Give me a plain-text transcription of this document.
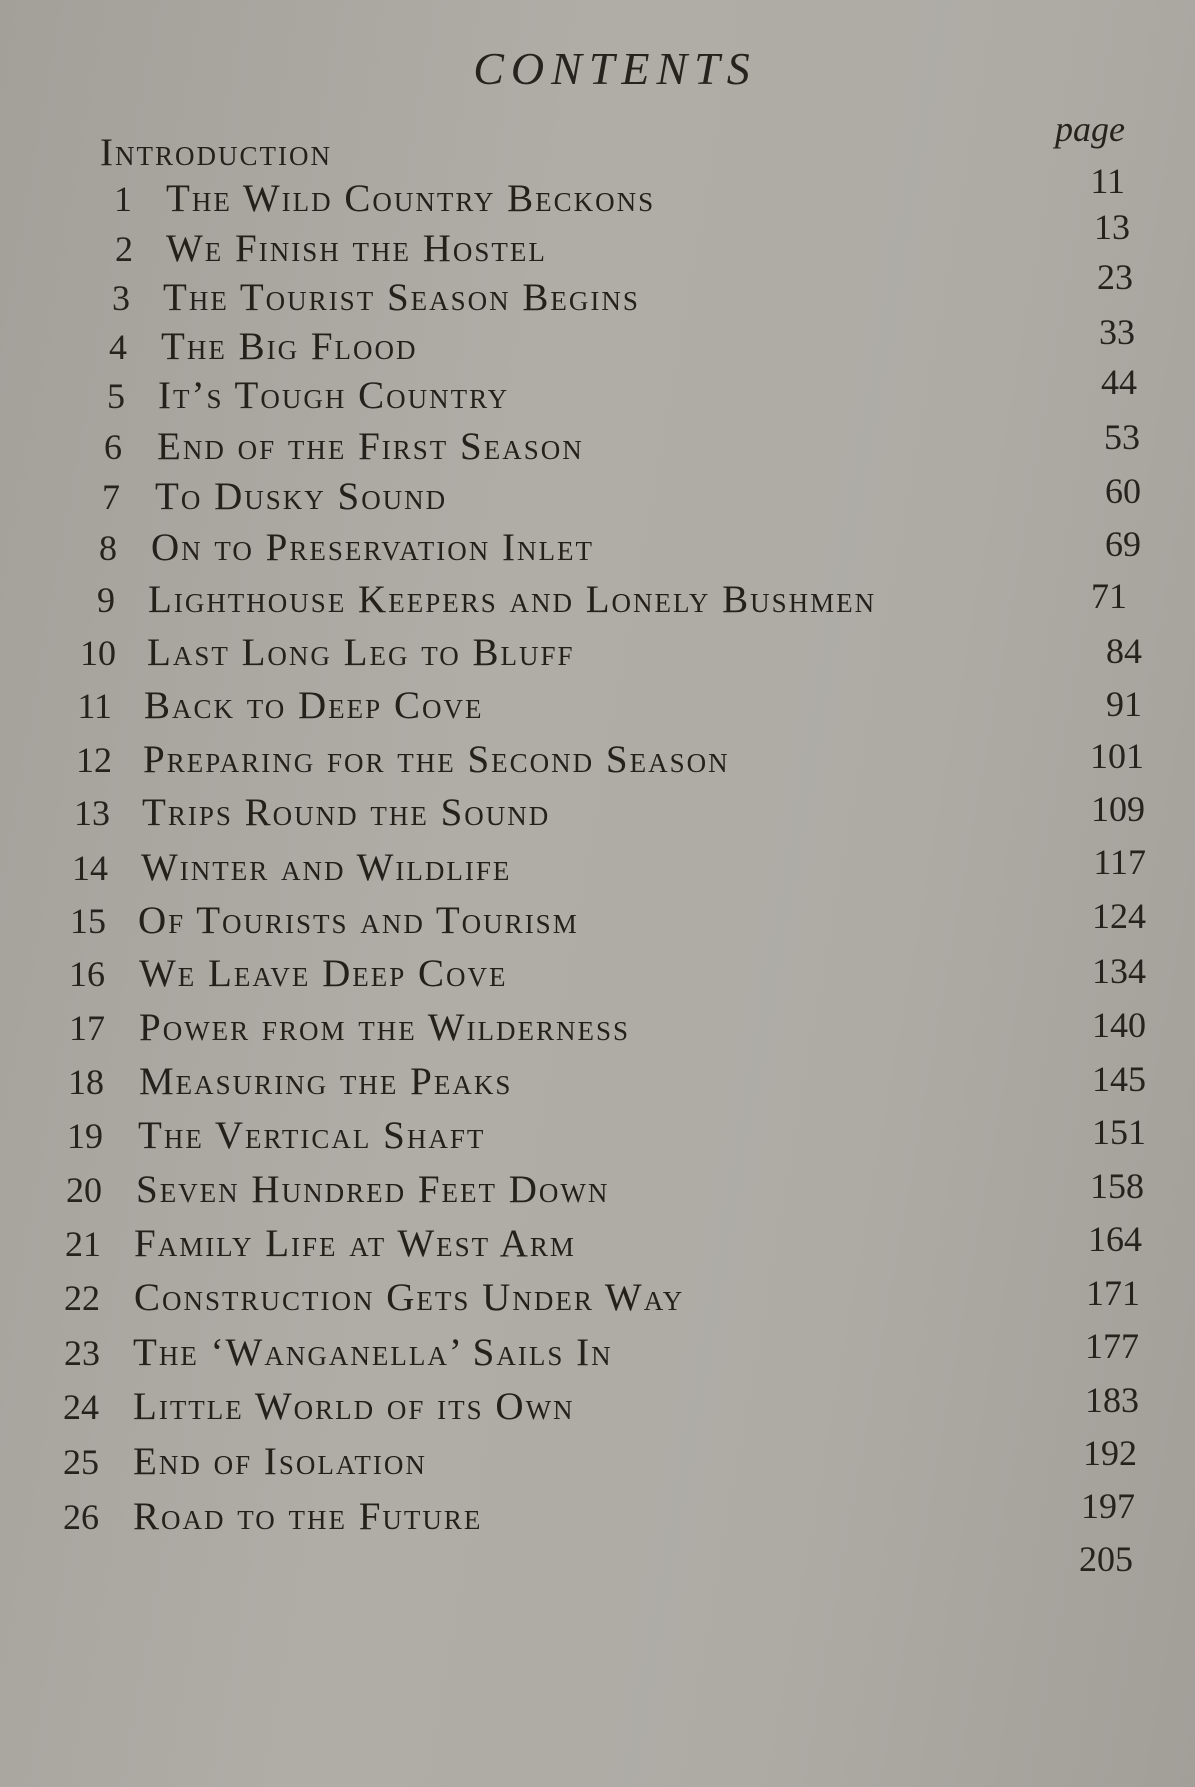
CONTENTS
page
Introduction
11
1 The Wild Country Beckons
13
2 We Finish the Hostel
23
3 The Tourist Season Begins
33
4 The Big Flood
44
5 It’s Tough Country
53
6 End of the First Season
60
7 To Dusky Sound
69
8 On to Preservation Inlet
71
9 Lighthouse Keepers and Lonely Bushmen
84
10 Last Long Leg to Bluff
91
11 Back to Deep Cove
101
12 Preparing for the Second Season
109
13 Trips Round the Sound
117
14 Winter and Wildlife
124
15 Of Tourists and Tourism
134
16 We Leave Deep Cove
140
17 Power from the Wilderness
145
18 Measuring the Peaks
151
19 The Vertical Shaft
158
20 Seven Hundred Feet Down
164
21 Family Life at West Arm
171
22 Construction Gets Under Way
177
23 The ‘Wanganella’ Sails In
183
24 Little World of its Own
192
25 End of Isolation
197
26 Road to the Future
205
